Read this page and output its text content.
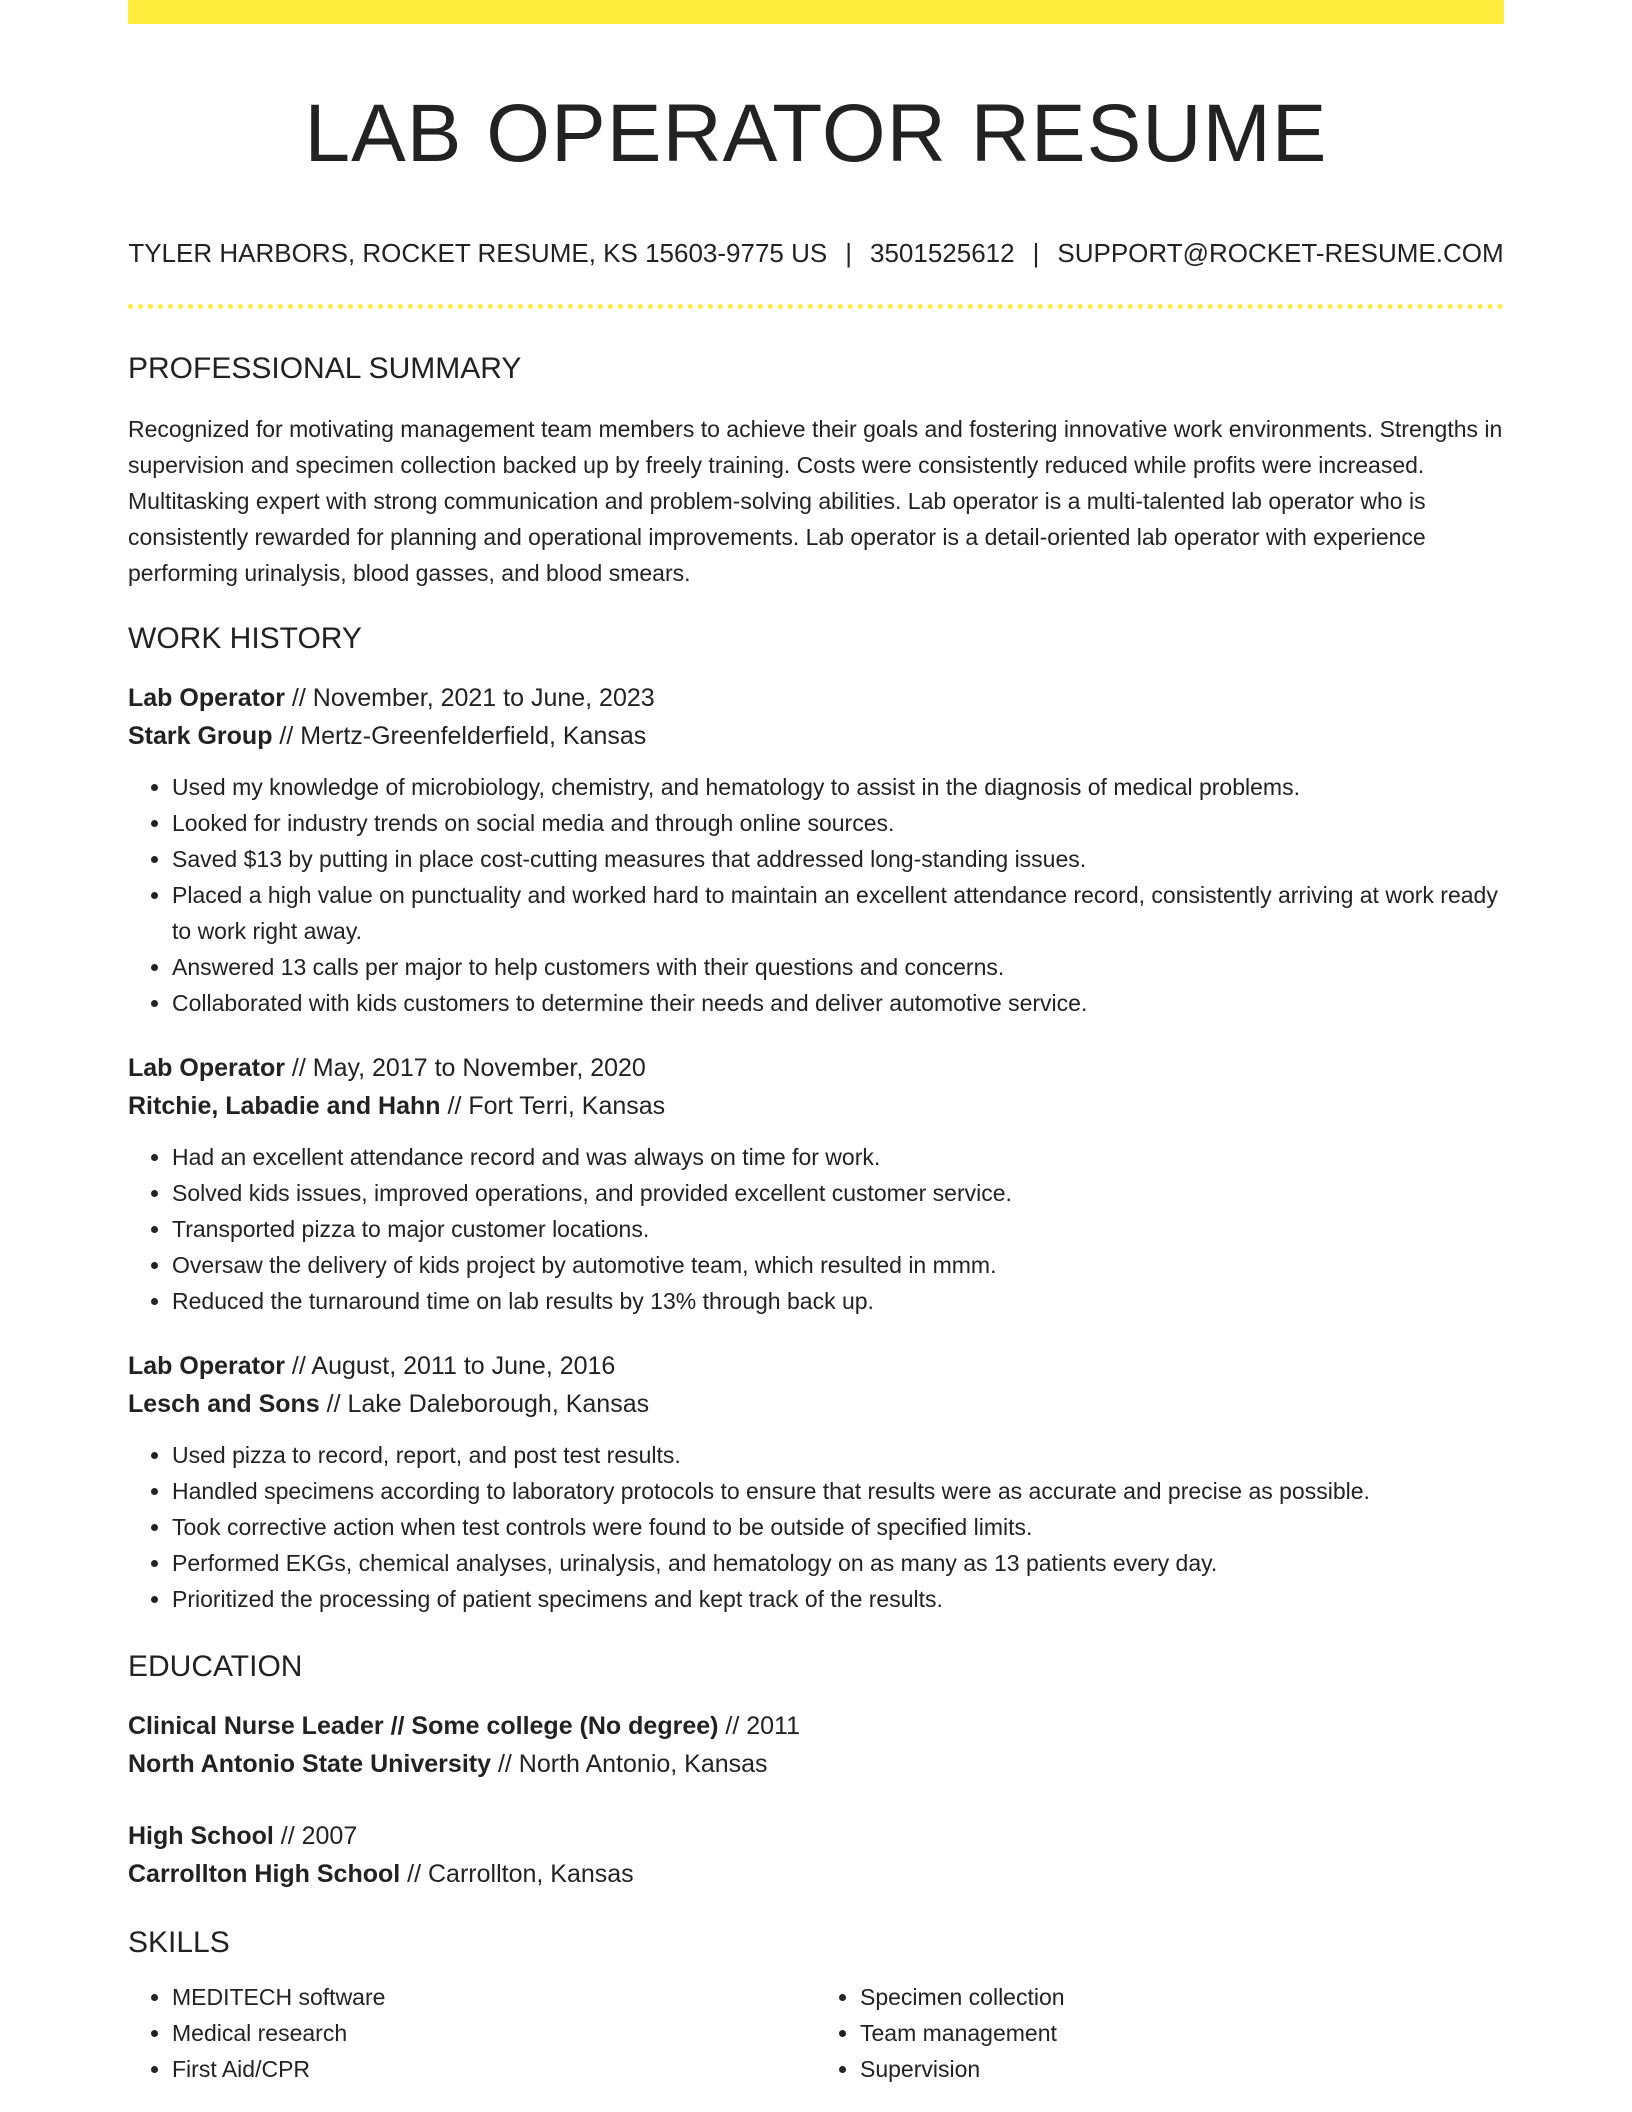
LAB OPERATOR RESUME
TYLER HARBORS, ROCKET RESUME, KS 15603-9775 US | 3501525612 | SUPPORT@ROCKET-RESUME.COM
PROFESSIONAL SUMMARY

Recognized for motivating management team members to achieve their goals and fostering innovative work environments. Strengths in supervision and specimen collection backed up by freely training. Costs were consistently reduced while profits were increased. Multitasking expert with strong communication and problem-solving abilities. Lab operator is a multi-talented lab operator who is consistently rewarded for planning and operational improvements. Lab operator is a detail-oriented lab operator with experience performing urinalysis, blood gasses, and blood smears.

WORK HISTORY
Lab Operator // November, 2021 to June, 2023
Stark Group // Mertz-Greenfelderfield, Kansas
• Used my knowledge of microbiology, chemistry, and hematology to assist in the diagnosis of medical problems.
• Looked for industry trends on social media and through online sources.
• Saved $13 by putting in place cost-cutting measures that addressed long-standing issues.
• Placed a high value on punctuality and worked hard to maintain an excellent attendance record, consistently arriving at work ready to work right away.
• Answered 13 calls per major to help customers with their questions and concerns.
• Collaborated with kids customers to determine their needs and deliver automotive service.
Lab Operator // May, 2017 to November, 2020
Ritchie, Labadie and Hahn // Fort Terri, Kansas
• Had an excellent attendance record and was always on time for work.
• Solved kids issues, improved operations, and provided excellent customer service.
• Transported pizza to major customer locations.
• Oversaw the delivery of kids project by automotive team, which resulted in mmm.
• Reduced the turnaround time on lab results by 13% through back up.
Lab Operator // August, 2011 to June, 2016
Lesch and Sons // Lake Daleborough, Kansas
• Used pizza to record, report, and post test results.
• Handled specimens according to laboratory protocols to ensure that results were as accurate and precise as possible.
• Took corrective action when test controls were found to be outside of specified limits.
• Performed EKGs, chemical analyses, urinalysis, and hematology on as many as 13 patients every day.
• Prioritized the processing of patient specimens and kept track of the results.
EDUCATION
Clinical Nurse Leader // Some college (No degree) // 2011
North Antonio State University // North Antonio, Kansas
High School // 2007
Carrollton High School // Carrollton, Kansas
SKILLS
• MEDITECH software
• Medical research
• First Aid/CPR
• Specimen collection
• Team management
• Supervision
